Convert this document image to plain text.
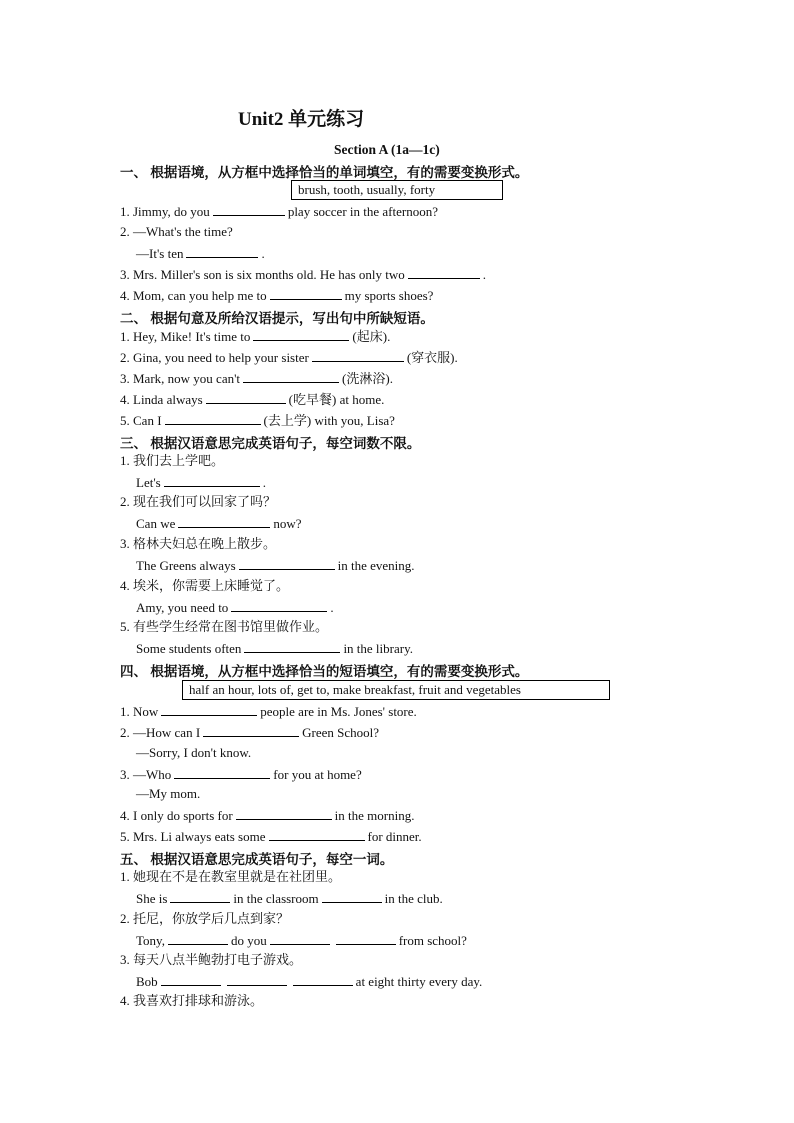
Unit2 单元练习
Section A (1a—1c)
一、 根据语境，从方框中选择恰当的单词填空，有的需要变换形式。
brush, tooth, usually, forty
1. Jimmy, do you	play soccer in the afternoon?
2. —What's the time?
—It's ten	.
3. Mrs. Miller's son is six months old. He has only two	.
4. Mom, can you help me to	my sports shoes?
二、 根据句意及所给汉语提示，写出句中所缺短语。
1. Hey, Mike! It's time to	(起床).
2. Gina, you need to help your sister	(穿衣服).
3. Mark, now you can't	(洗淋浴).
4. Linda always	(吃早餐) at home.
5. Can I	(去上学) with you, Lisa?
三、 根据汉语意思完成英语句子，每空词数不限。
1. 我们去上学吧。
Let's	.
2. 现在我们可以回家了吗？
Can we	now?
3. 格林夫妇总在晚上散步。
The Greens always	in the evening.
4. 埃米，你需要上床睡觉了。
Amy, you need to	.
5. 有些学生经常在图书馆里做作业。
Some students often	in the library.
四、 根据语境，从方框中选择恰当的短语填空，有的需要变换形式。
half an hour, lots of, get to, make breakfast, fruit and vegetables
1. Now	people are in Ms. Jones' store.
2. —How can I	Green School?
—Sorry, I don't know.
3. —Who	for you at home?
—My mom.
4. I only do sports for	in the morning.
5. Mrs. Li always eats some	for dinner.
五、 根据汉语意思完成英语句子，每空一词。
1. 她现在不是在教室里就是在社团里。
She is	in the classroom	in the club.
2. 托尼，你放学后几点到家？
Tony,	do you	from school?
3. 每天八点半鲍勃打电子游戏。
Bob	at eight thirty every day.
4. 我喜欢打排球和游泳。
